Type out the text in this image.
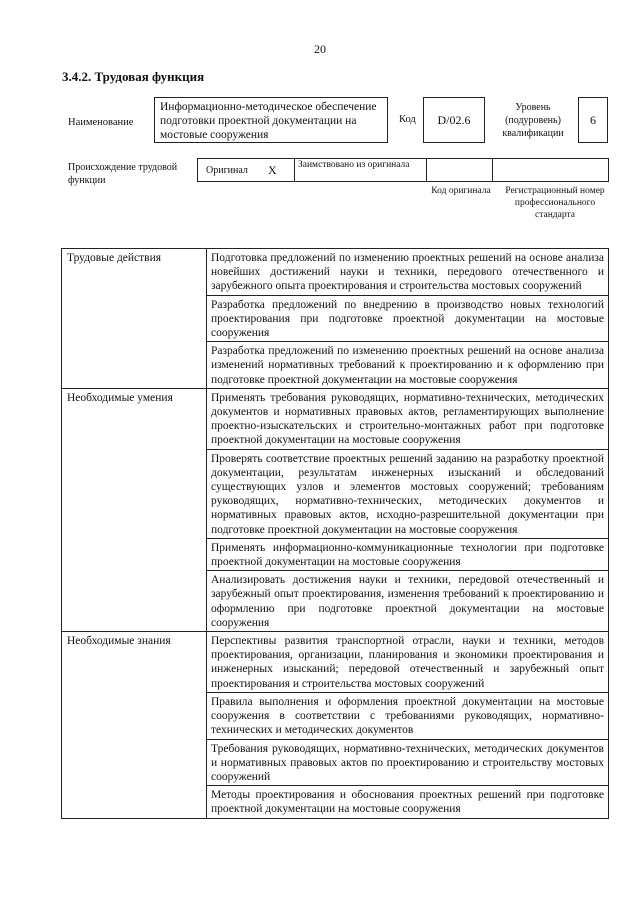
20
3.4.2. Трудовая функция
Наименование
Информационно-методическое обеспечение подготовки проектной документации на мостовые сооружения
Код	D/02.6
Уровень (подуровень) квалификации
6
Происхождение трудовой функции
Оригинал X Заимствовано из оригинала
Код оригинала Регистрационный номер профессионального стандарта
Трудовые действия	Подготовка предложений по изменению проектных решений на основе анализа новейших достижений науки и техники, передового отечественного и зарубежного опыта проектирования и строительства мостовых сооружений
	Разработка предложений по внедрению в производство новых технологий проектирования при подготовке проектной документации на мостовые сооружения
	Разработка предложений по изменению проектных решений на основе анализа изменений нормативных требований к проектированию и к оформлению при подготовке проектной документации на мостовые сооружения
Необходимые умения	Применять требования руководящих, нормативно-технических, методических документов и нормативных правовых актов, регламентирующих выполнение проектно-изыскательских и строительно-монтажных работ при подготовке проектной документации на мостовые сооружения
	Проверять соответствие проектных решений заданию на разработку проектной документации, результатам инженерных изысканий и обследований существующих узлов и элементов мостовых сооружений; требованиям руководящих, нормативно-технических, методических документов и нормативных правовых актов, исходно-разрешительной документации при подготовке проектной документации на мостовые сооружения
	Применять информационно-коммуникационные технологии при подготовке проектной документации на мостовые сооружения
	Анализировать достижения науки и техники, передовой отечественный и зарубежный опыт проектирования, изменения требований к проектированию и оформлению при подготовке проектной документации на мостовые сооружения
Необходимые знания	Перспективы развития транспортной отрасли, науки и техники, методов проектирования, организации, планирования и экономики проектирования и инженерных изысканий; передовой отечественный и зарубежный опыт проектирования и строительства мостовых сооружений
	Правила выполнения и оформления проектной документации на мостовые сооружения в соответствии с требованиями руководящих, нормативно-технических и методических документов
	Требования руководящих, нормативно-технических, методических документов и нормативных правовых актов по проектированию и строительству мостовых сооружений
	Методы проектирования и обоснования проектных решений при подготовке проектной документации на мостовые сооружения
